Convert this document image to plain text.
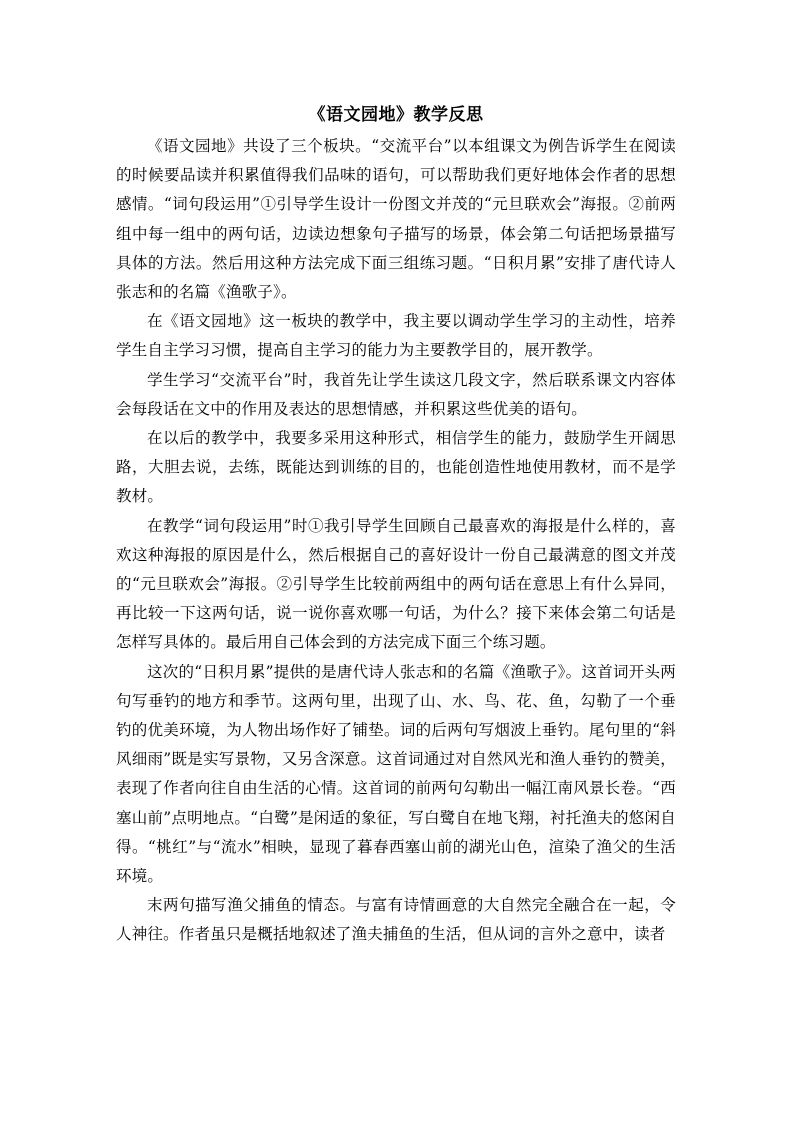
《语文园地》教学反思

《语文园地》共设了三个板块。“交流平台”以本组课文为例告诉学生在阅读的时候要品读并积累值得我们品味的语句，可以帮助我们更好地体会作者的思想感情。“词句段运用”①引导学生设计一份图文并茂的“元旦联欢会”海报。②前两组中每一组中的两句话，边读边想象句子描写的场景，体会第二句话把场景描写具体的方法。然后用这种方法完成下面三组练习题。“日积月累”安排了唐代诗人张志和的名篇《渔歌子》。

在《语文园地》这一板块的教学中，我主要以调动学生学习的主动性，培养学生自主学习习惯，提高自主学习的能力为主要教学目的，展开教学。

学生学习“交流平台”时，我首先让学生读这几段文字，然后联系课文内容体会每段话在文中的作用及表达的思想情感，并积累这些优美的语句。

在以后的教学中，我要多采用这种形式，相信学生的能力，鼓励学生开阔思路，大胆去说，去练，既能达到训练的目的，也能创造性地使用教材，而不是学教材。

在教学“词句段运用”时①我引导学生回顾自己最喜欢的海报是什么样的，喜欢这种海报的原因是什么，然后根据自己的喜好设计一份自己最满意的图文并茂的“元旦联欢会”海报。②引导学生比较前两组中的两句话在意思上有什么异同，再比较一下这两句话，说一说你喜欢哪一句话，为什么？接下来体会第二句话是怎样写具体的。最后用自己体会到的方法完成下面三个练习题。

这次的“日积月累”提供的是唐代诗人张志和的名篇《渔歌子》。这首词开头两句写垂钓的地方和季节。这两句里，出现了山、水、鸟、花、鱼，勾勒了一个垂钓的优美环境，为人物出场作好了铺垫。词的后两句写烟波上垂钓。尾句里的“斜风细雨”既是实写景物，又另含深意。这首词通过对自然风光和渔人垂钓的赞美，表现了作者向往自由生活的心情。这首词的前两句勾勒出一幅江南风景长卷。“西塞山前”点明地点。“白鹭”是闲适的象征，写白鹭自在地飞翔，衬托渔夫的悠闲自得。“桃红”与“流水”相映，显现了暮春西塞山前的湖光山色，渲染了渔父的生活环境。

末两句描写渔父捕鱼的情态。与富有诗情画意的大自然完全融合在一起，令人神往。作者虽只是概括地叙述了渔夫捕鱼的生活，但从词的言外之意中，读者
